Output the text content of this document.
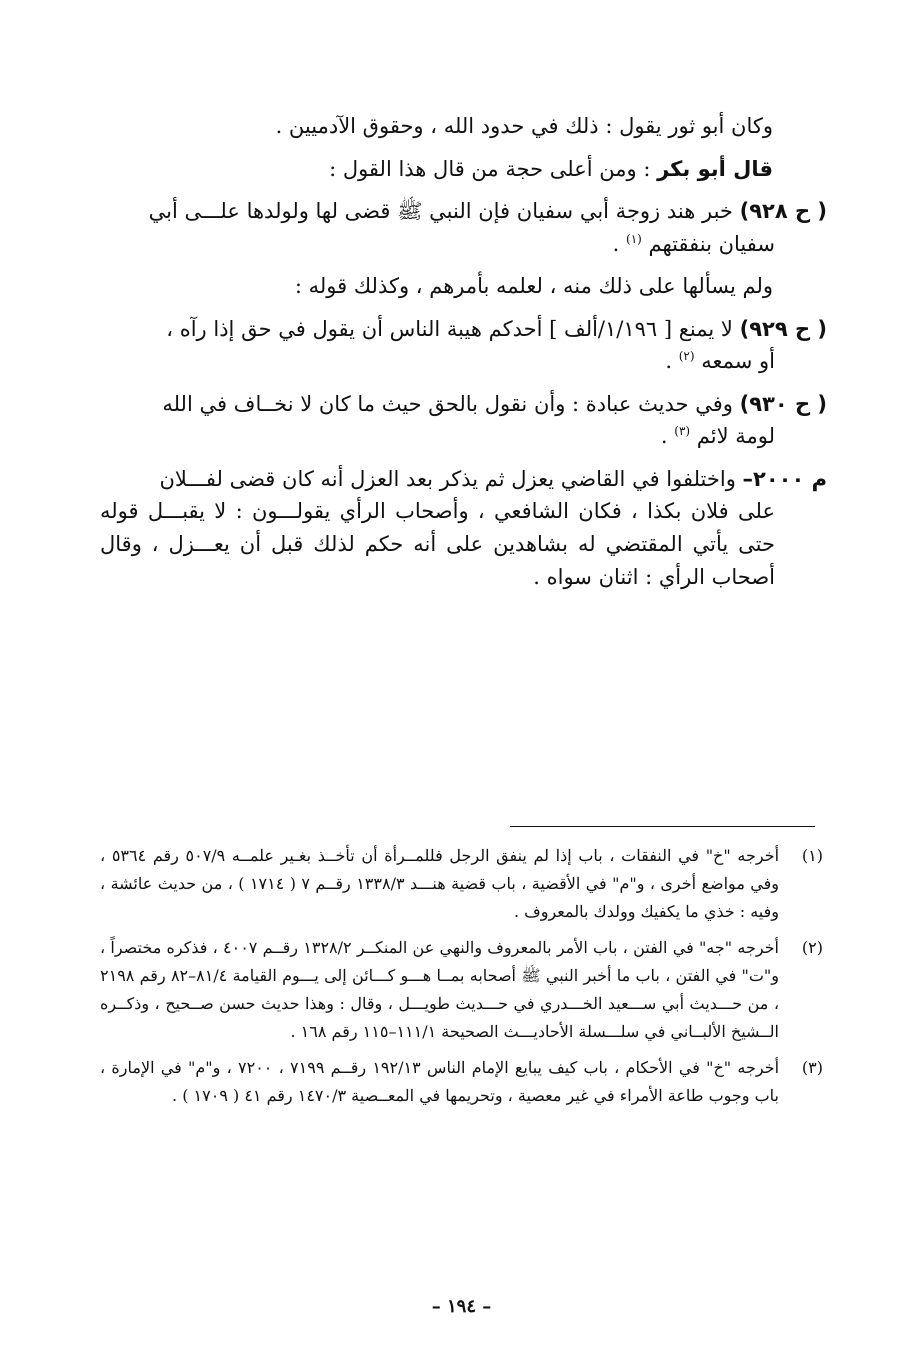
وكان أبو ثور يقول : ذلك في حدود الله ، وحقوق الآدميين .

قال أبو بكر : ومن أعلى حجة من قال هذا القول :

( ح ٩٢٨) خبر هند زوجة أبي سفيان فإن النبي ﷺ قضى لها ولولدها علـــى أبي
سفيان بنفقتهم $^{(١)}$ .

ولم يسألها على ذلك منه ، لعلمه بأمرهم ، وكذلك قوله :

( ح ٩٢٩) لا يمنع [ ١/١٩٦/ألف ] أحدكم هيبة الناس أن يقول في حق إذا رآه ،
أو سمعه $^{(٢)}$ .

( ح ٩٣٠) وفي حديث عبادة : وأن نقول بالحق حيث ما كان لا نخــاف في الله
لومة لائم $^{(٣)}$ .

م ٢٠٠٠– واختلفوا في القاضي يعزل ثم يذكر بعد العزل أنه كان قضى لفـــلان
على فلان بكذا ، فكان الشافعي ، وأصحاب الرأي يقولـــون : لا يقبـــل قوله حتى يأتي المقتضي له بشاهدين على أنه حكم لذلك قبل أن يعـــزل ، وقال أصحاب الرأي : اثنان سواه .

(١)
أخرجه "خ" في النفقات ، باب إذا لم ينفق الرجل فللمــرأة أن تأخــذ بغـير علمــه ٥٠٧/٩ رقم ٥٣٦٤ ، وفي مواضع أخرى ، و"م" في الأقضية ، باب قضية هنـــد ١٣٣٨/٣ رقــم ٧ ( ١٧١٤ ) ، من حديث عائشة ، وفيه : خذي ما يكفيك وولدك بالمعروف .
(٢)
أخرجه "جه" في الفتن ، باب الأمر بالمعروف والنهي عن المنكــر ١٣٢٨/٢ رقــم ٤٠٠٧ ، فذكره مختصراً ، و"ت" في الفتن ، باب ما أخبر النبي ﷺ أصحابه بمــا هـــو كـــائن إلى يـــوم القيامة ٨١/٤–٨٢ رقم ٢١٩٨ ، من حـــديث أبي ســـعيد الخـــدري في حـــديث طويـــل ، وقال : وهذا حديث حسن صــحيح ، وذكــره الــشيخ الألبــاني في سلـــسلة الأحاديـــث الصحيحة ١١١/١–١١٥ رقم ١٦٨ .
(٣)
أخرجه "خ" في الأحكام ، باب كيف يبايع الإمام الناس ١٩٢/١٣ رقــم ٧١٩٩ ، ٧٢٠٠ ، و"م" في الإمارة ، باب وجوب طاعة الأمراء في غير معصية ، وتحريمها في المعــصية ١٤٧٠/٣ رقم ٤١ ( ١٧٠٩ ) .
– ١٩٤ –
